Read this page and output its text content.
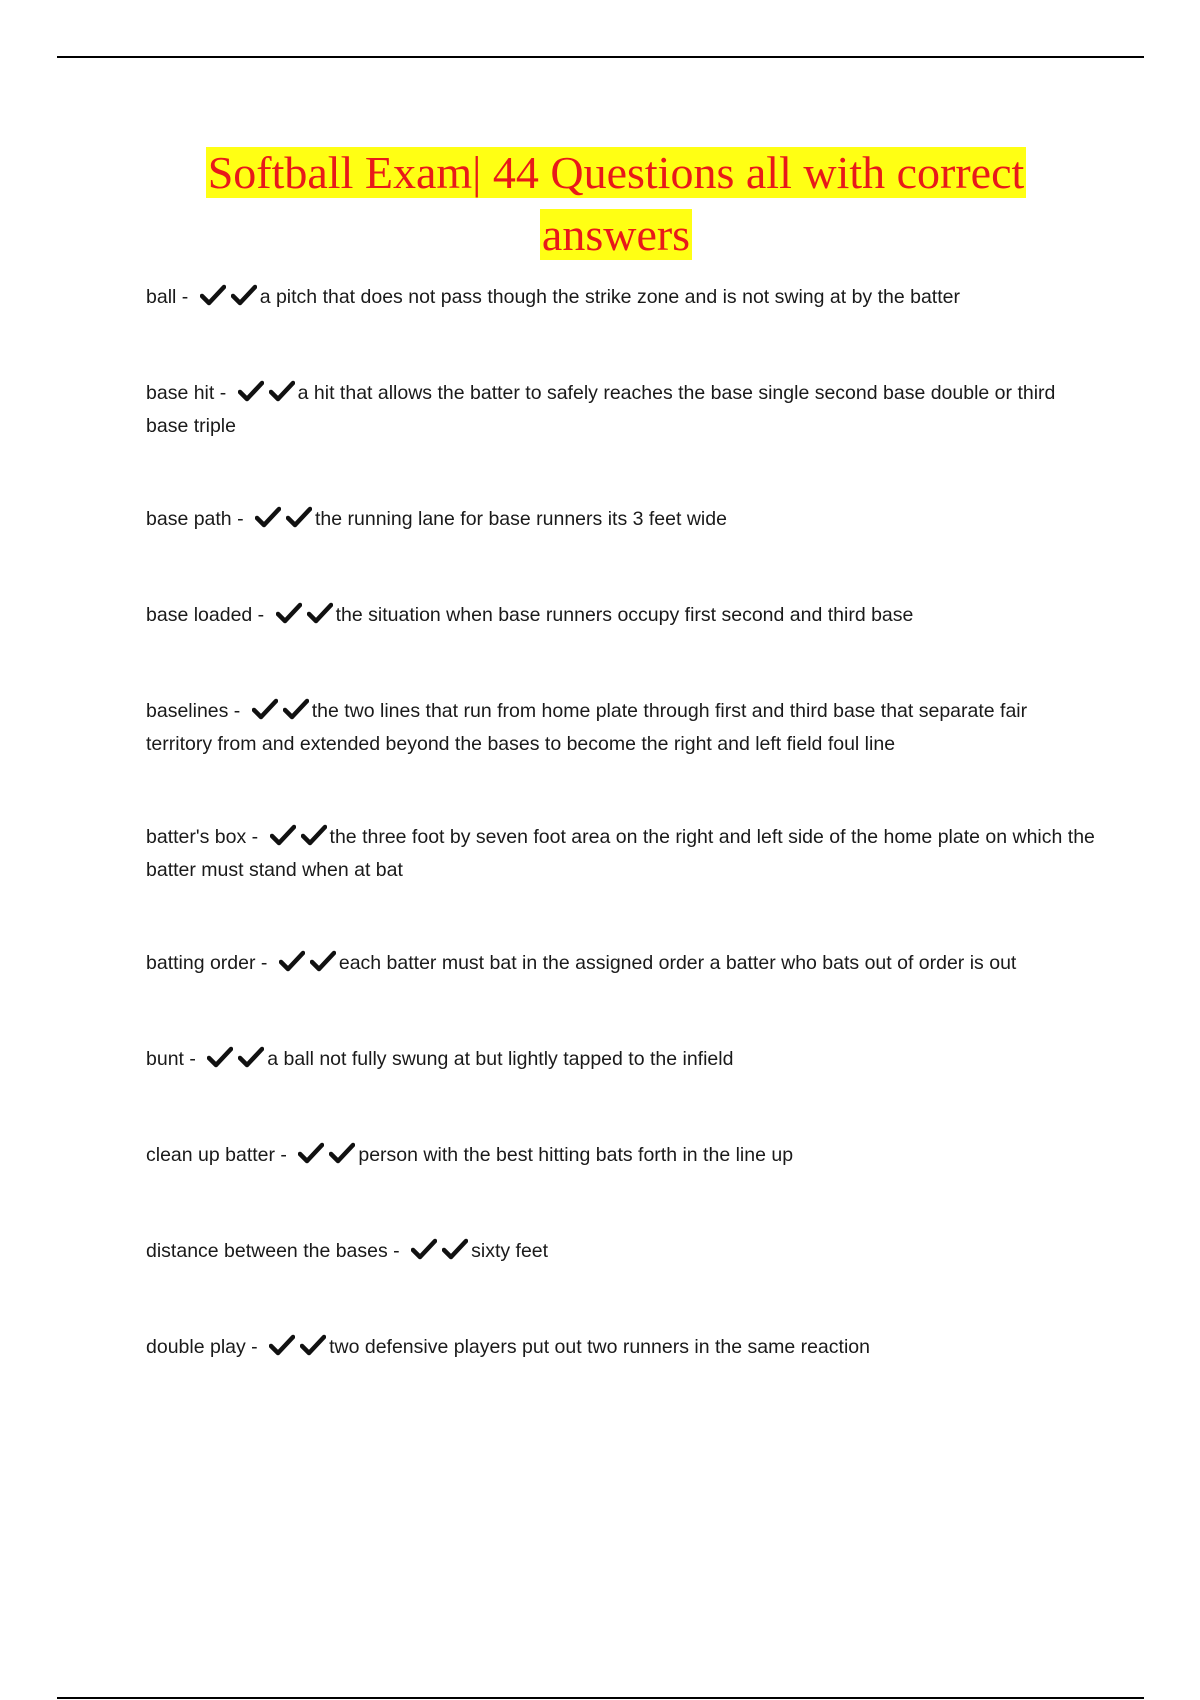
Softball Exam| 44 Questions all with correct
answers
ball -	a pitch that does not pass though the strike zone and is not swing at by the batter
base hit -	a hit that allows the batter to safely reaches the base single second base double or third base triple
base path -	the running lane for base runners its 3 feet wide
base loaded -	the situation when base runners occupy first second and third base
baselines -	the two lines that run from home plate through first and third base that separate fair territory from and extended beyond the bases to become the right and left field foul line
batter's box -	the three foot by seven foot area on the right and left side of the home plate on which the batter must stand when at bat
batting order -	each batter must bat in the assigned order a batter who bats out of order is out
bunt -	a ball not fully swung at but lightly tapped to the infield
clean up batter -	person with the best hitting bats forth in the line up
distance between the bases -	sixty feet
double play -	two defensive players put out two runners in the same reaction
